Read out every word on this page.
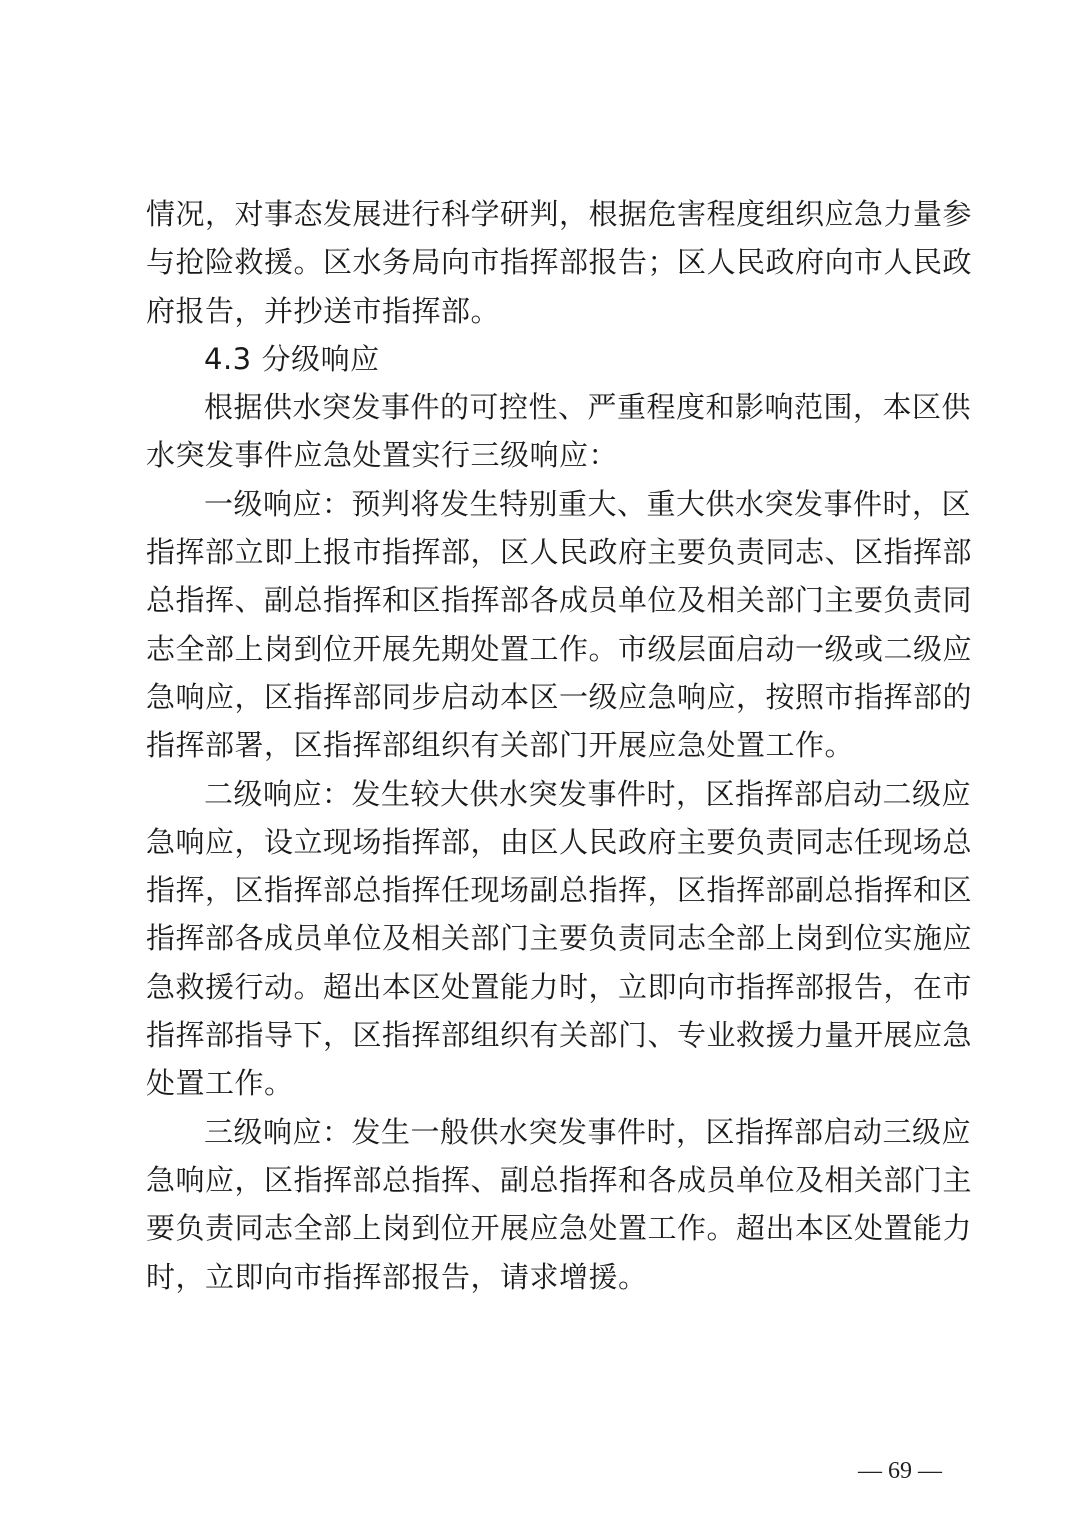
情况，对事态发展进行科学研判，根据危害程度组织应急力量参
与抢险救援。区水务局向市指挥部报告；区人民政府向市人民政
府报告，并抄送市指挥部。
4.3 分级响应
根据供水突发事件的可控性、严重程度和影响范围，本区供
水突发事件应急处置实行三级响应：
一级响应：预判将发生特别重大、重大供水突发事件时，区
指挥部立即上报市指挥部，区人民政府主要负责同志、区指挥部
总指挥、副总指挥和区指挥部各成员单位及相关部门主要负责同
志全部上岗到位开展先期处置工作。市级层面启动一级或二级应
急响应，区指挥部同步启动本区一级应急响应，按照市指挥部的
指挥部署，区指挥部组织有关部门开展应急处置工作。
二级响应：发生较大供水突发事件时，区指挥部启动二级应
急响应，设立现场指挥部，由区人民政府主要负责同志任现场总
指挥，区指挥部总指挥任现场副总指挥，区指挥部副总指挥和区
指挥部各成员单位及相关部门主要负责同志全部上岗到位实施应
急救援行动。超出本区处置能力时，立即向市指挥部报告，在市
指挥部指导下，区指挥部组织有关部门、专业救援力量开展应急
处置工作。
三级响应：发生一般供水突发事件时，区指挥部启动三级应
急响应，区指挥部总指挥、副总指挥和各成员单位及相关部门主
要负责同志全部上岗到位开展应急处置工作。超出本区处置能力
时，立即向市指挥部报告，请求增援。
— 69 —
